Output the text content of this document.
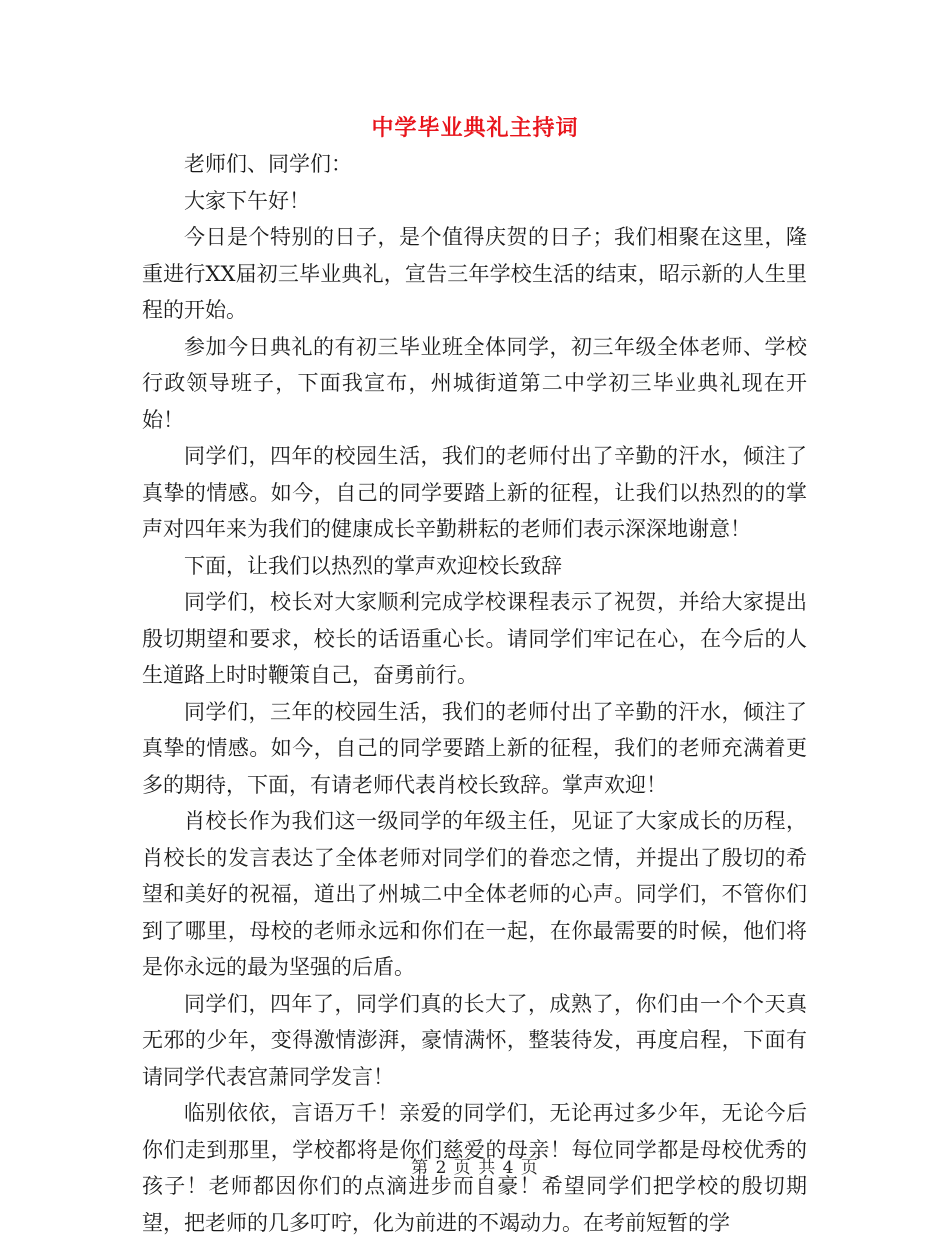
中学毕业典礼主持词

老师们、同学们：

大家下午好！

今日是个特别的日子，是个值得庆贺的日子；我们相聚在这里，隆重进行XX届初三毕业典礼，宣告三年学校生活的结束，昭示新的人生里程的开始。

参加今日典礼的有初三毕业班全体同学，初三年级全体老师、学校行政领导班子，下面我宣布，州城街道第二中学初三毕业典礼现在开始！

同学们，四年的校园生活，我们的老师付出了辛勤的汗水，倾注了真挚的情感。如今，自己的同学要踏上新的征程，让我们以热烈的的掌声对四年来为我们的健康成长辛勤耕耘的老师们表示深深地谢意！

下面，让我们以热烈的掌声欢迎校长致辞

同学们，校长对大家顺利完成学校课程表示了祝贺，并给大家提出殷切期望和要求，校长的话语重心长。请同学们牢记在心，在今后的人生道路上时时鞭策自己，奋勇前行。

同学们，三年的校园生活，我们的老师付出了辛勤的汗水，倾注了真挚的情感。如今，自己的同学要踏上新的征程，我们的老师充满着更多的期待，下面，有请老师代表肖校长致辞。掌声欢迎！

肖校长作为我们这一级同学的年级主任，见证了大家成长的历程，肖校长的发言表达了全体老师对同学们的眷恋之情，并提出了殷切的希望和美好的祝福，道出了州城二中全体老师的心声。同学们，不管你们到了哪里，母校的老师永远和你们在一起，在你最需要的时候，他们将是你永远的最为坚强的后盾。

同学们，四年了，同学们真的长大了，成熟了，你们由一个个天真无邪的少年，变得激情澎湃，豪情满怀，整装待发，再度启程，下面有请同学代表宫萧同学发言！

临别依依，言语万千！亲爱的同学们，无论再过多少年，无论今后你们走到那里，学校都将是你们慈爱的母亲！每位同学都是母校优秀的孩子！老师都因你们的点滴进步而自豪！希望同学们把学校的殷切期望，把老师的几多叮咛，化为前进的不竭动力。在考前短暂的学

第 2 页 共 4 页
